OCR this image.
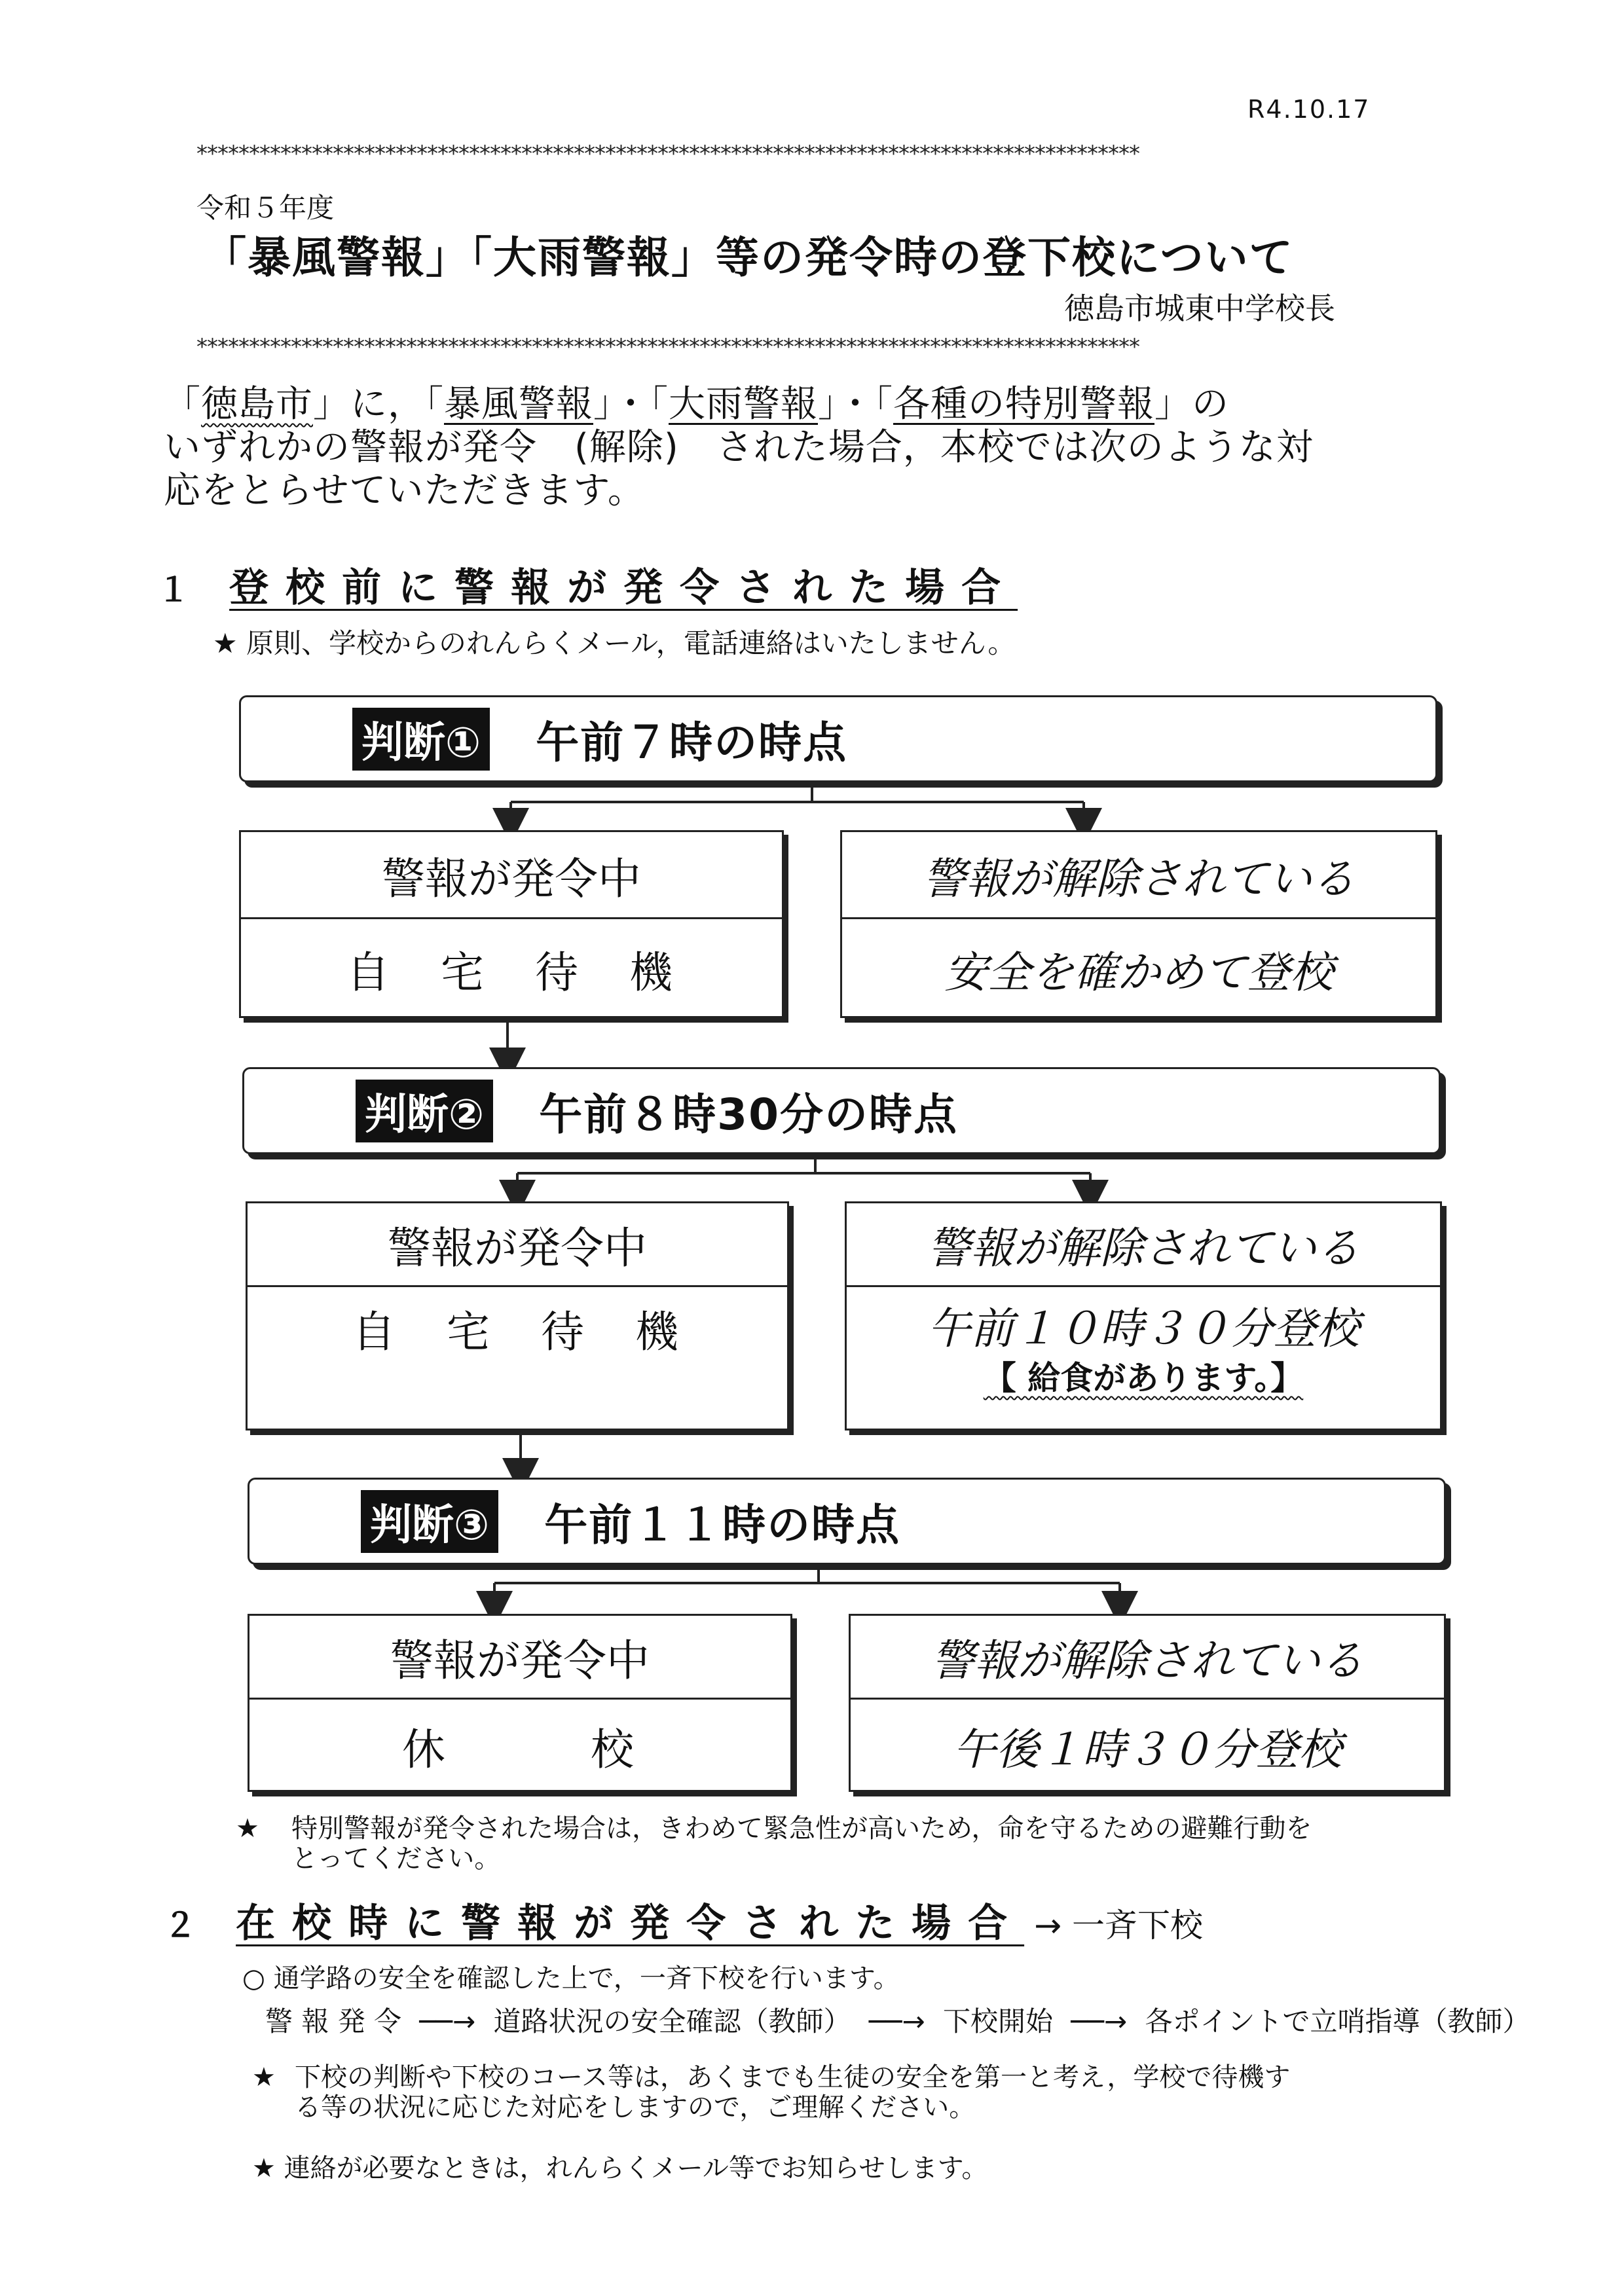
R4.10.17
******************************************************************************************
令和５年度
「暴風警報」「大雨警報」等の発令時の登下校について
徳島市城東中学校長
******************************************************************************************
「徳島市」に，「暴風警報」・「大雨警報」・「各種の特別警報」の
いずれかの警報が発令　(解除)　された場合，本校では次のような対
応をとらせていただきます。
１ 登校前に警報が発令された場合
★ 原則、学校からのれんらくメール，電話連絡はいたしません。
判断① 午前７時の時点
警報が発令中
自　宅　待　機
警報が解除されている
安全を確かめて登校
判断② 午前８時30分の時点
警報が発令中
自　宅　待　機
警報が解除されている
午前１０時３０分登校
【 給食があります。】
判断③ 午前１１時の時点
警報が発令中
休　　　校
警報が解除されている
午後１時３０分登校
★ 特別警報が発令された場合は，きわめて緊急性が高いため，命を守るための避難行動を
とってください。
２ 在校時に警報が発令された場合 → 一斉下校
○ 通学路の安全を確認した上で，一斉下校を行います。
警 報 発 令 ──→ 道路状況の安全確認（教師） ──→ 下校開始 ──→ 各ポイントで立哨指導（教師）
★ 下校の判断や下校のコース等は，あくまでも生徒の安全を第一と考え，学校で待機す
る等の状況に応じた対応をしますので，ご理解ください。
★ 連絡が必要なときは，れんらくメール等でお知らせします。
